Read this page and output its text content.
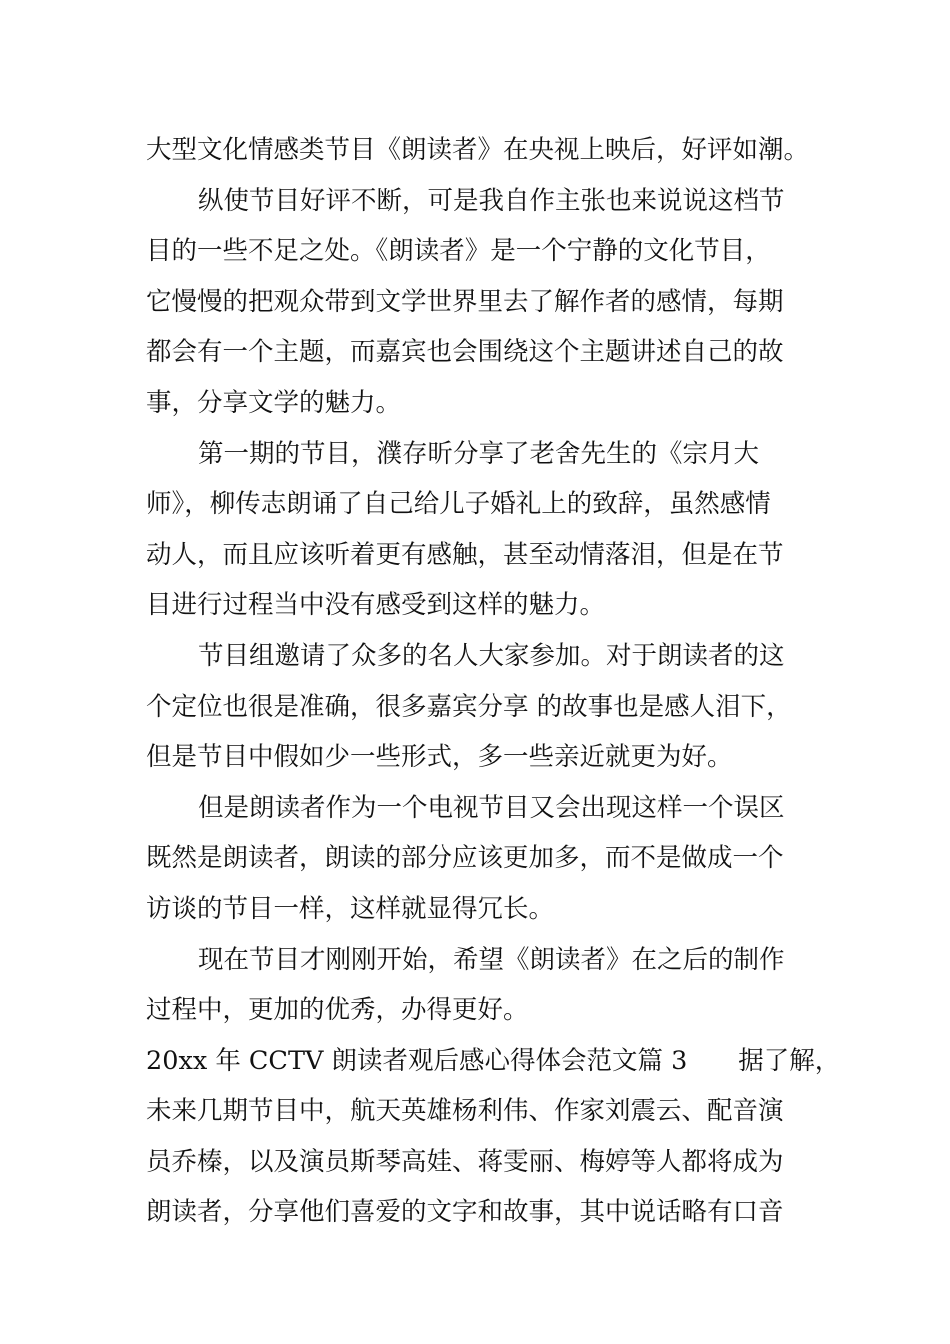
大型文化情感类节目《朗读者》在央视上映后，好评如潮。
纵使节目好评不断，可是我自作主张也来说说这档节
目的一些不足之处。《朗读者》是一个宁静的文化节目，
它慢慢的把观众带到文学世界里去了解作者的感情，每期
都会有一个主题，而嘉宾也会围绕这个主题讲述自己的故
事，分享文学的魅力。
第一期的节目，濮存昕分享了老舍先生的《宗月大
师》，柳传志朗诵了自己给儿子婚礼上的致辞，虽然感情
动人，而且应该听着更有感触，甚至动情落泪，但是在节
目进行过程当中没有感受到这样的魅力。
节目组邀请了众多的名人大家参加。对于朗读者的这
个定位也很是准确，很多嘉宾分享 的故事也是感人泪下，
但是节目中假如少一些形式，多一些亲近就更为好。
但是朗读者作为一个电视节目又会出现这样一个误区
既然是朗读者，朗读的部分应该更加多，而不是做成一个
访谈的节目一样，这样就显得冗长。
现在节目才刚刚开始，希望《朗读者》在之后的制作
过程中，更加的优秀，办得更好。
20xx 年 CCTV 朗读者观后感心得体会范文篇 3　　据了解，
未来几期节目中，航天英雄杨利伟、作家刘震云、配音演
员乔榛，以及演员斯琴高娃、蒋雯丽、梅婷等人都将成为
朗读者，分享他们喜爱的文字和故事，其中说话略有口音
